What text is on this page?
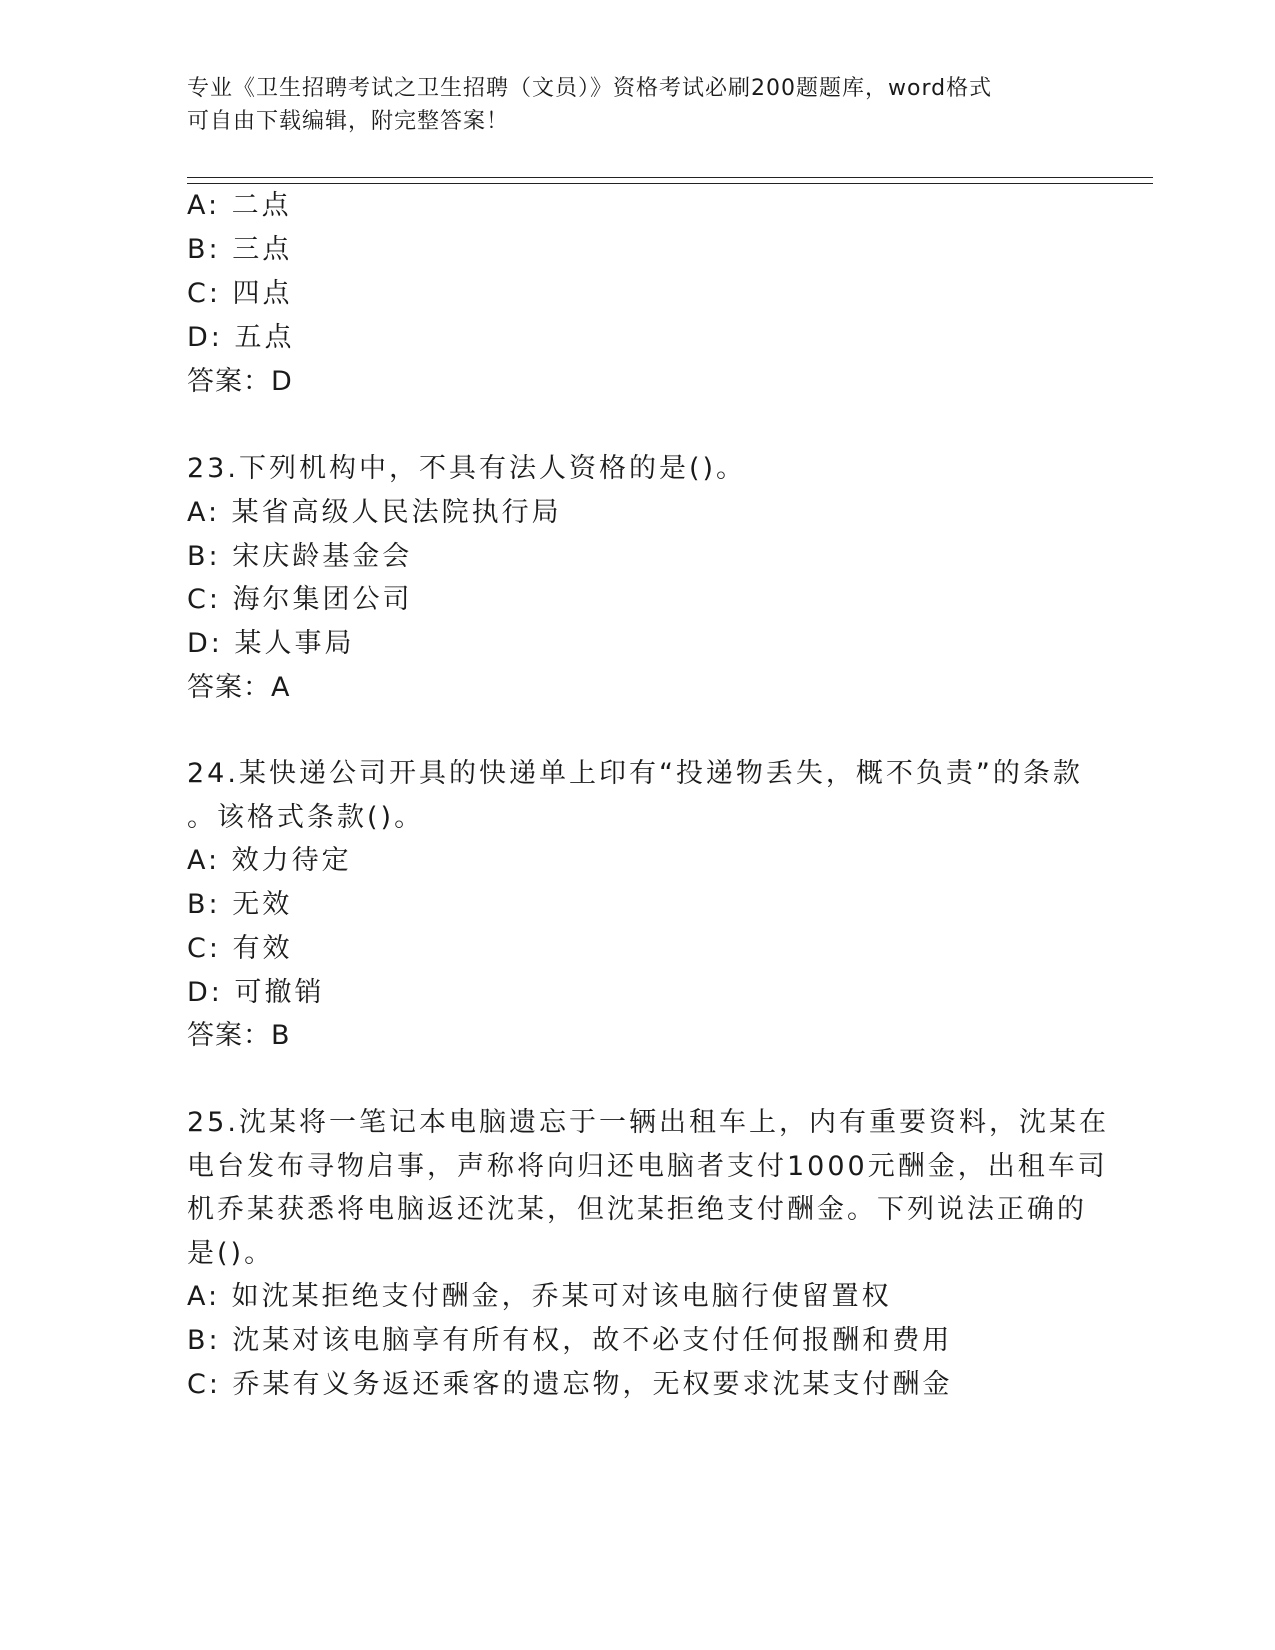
专业《卫生招聘考试之卫生招聘（文员）》资格考试必刷200题题库，word格式
可自由下载编辑，附完整答案！
A: 二点
B: 三点
C: 四点
D: 五点
答案：D
23.下列机构中，不具有法人资格的是()。
A: 某省高级人民法院执行局
B: 宋庆龄基金会
C: 海尔集团公司
D: 某人事局
答案：A
24.某快递公司开具的快递单上印有“投递物丢失，概不负责”的条款
。该格式条款()。
A: 效力待定
B: 无效
C: 有效
D: 可撤销
答案：B
25.沈某将一笔记本电脑遗忘于一辆出租车上，内有重要资料，沈某在
电台发布寻物启事，声称将向归还电脑者支付1000元酬金，出租车司
机乔某获悉将电脑返还沈某，但沈某拒绝支付酬金。下列说法正确的
是()。
A: 如沈某拒绝支付酬金，乔某可对该电脑行使留置权
B: 沈某对该电脑享有所有权，故不必支付任何报酬和费用
C: 乔某有义务返还乘客的遗忘物，无权要求沈某支付酬金
